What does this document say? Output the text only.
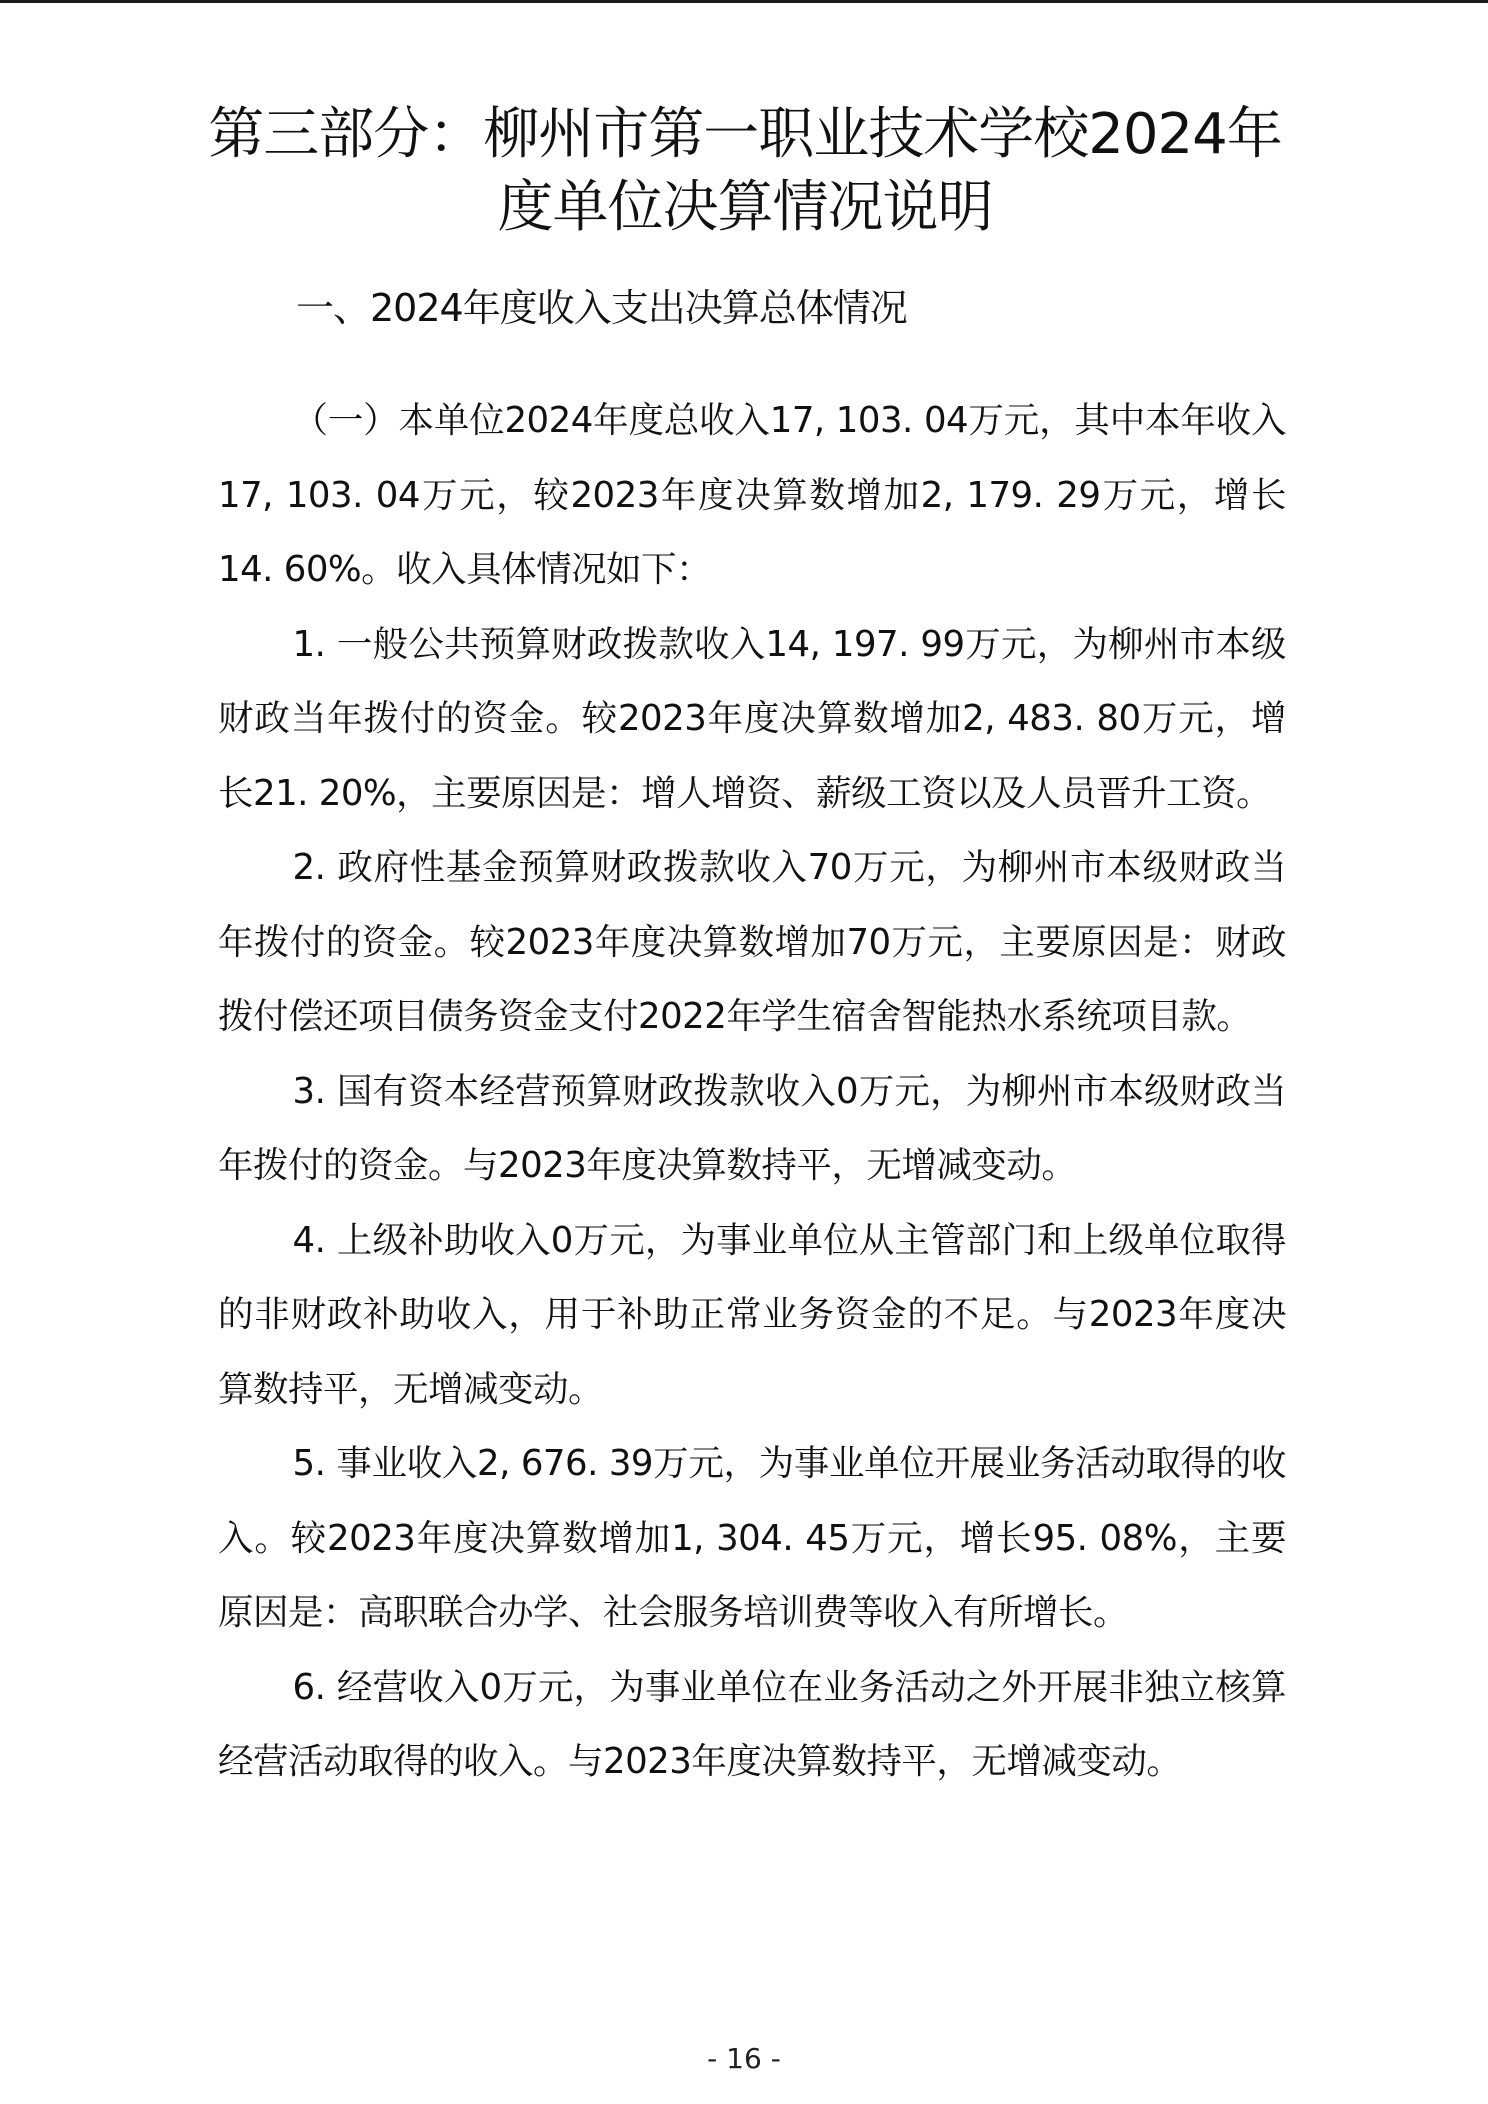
第三部分：柳州市第一职业技术学校2024年
度单位决算情况说明
一、2024年度收入支出决算总体情况

（一）本单位2024年度总收入17, 103. 04万元，其中本年收入17, 103. 04万元，较2023年度决算数增加2, 179. 29万元，增长14. 60%。收入具体情况如下：

1. 一般公共预算财政拨款收入14, 197. 99万元，为柳州市本级财政当年拨付的资金。较2023年度决算数增加2, 483. 80万元，增长21. 20%，主要原因是：增人增资、薪级工资以及人员晋升工资。

2. 政府性基金预算财政拨款收入70万元，为柳州市本级财政当年拨付的资金。较2023年度决算数增加70万元，主要原因是：财政拨付偿还项目债务资金支付2022年学生宿舍智能热水系统项目款。

3. 国有资本经营预算财政拨款收入0万元，为柳州市本级财政当年拨付的资金。与2023年度决算数持平，无增减变动。

4. 上级补助收入0万元，为事业单位从主管部门和上级单位取得的非财政补助收入，用于补助正常业务资金的不足。与2023年度决算数持平，无增减变动。

5. 事业收入2, 676. 39万元，为事业单位开展业务活动取得的收入。较2023年度决算数增加1, 304. 45万元，增长95. 08%，主要原因是：高职联合办学、社会服务培训费等收入有所增长。

6. 经营收入0万元，为事业单位在业务活动之外开展非独立核算经营活动取得的收入。与2023年度决算数持平，无增减变动。

- 16 -
